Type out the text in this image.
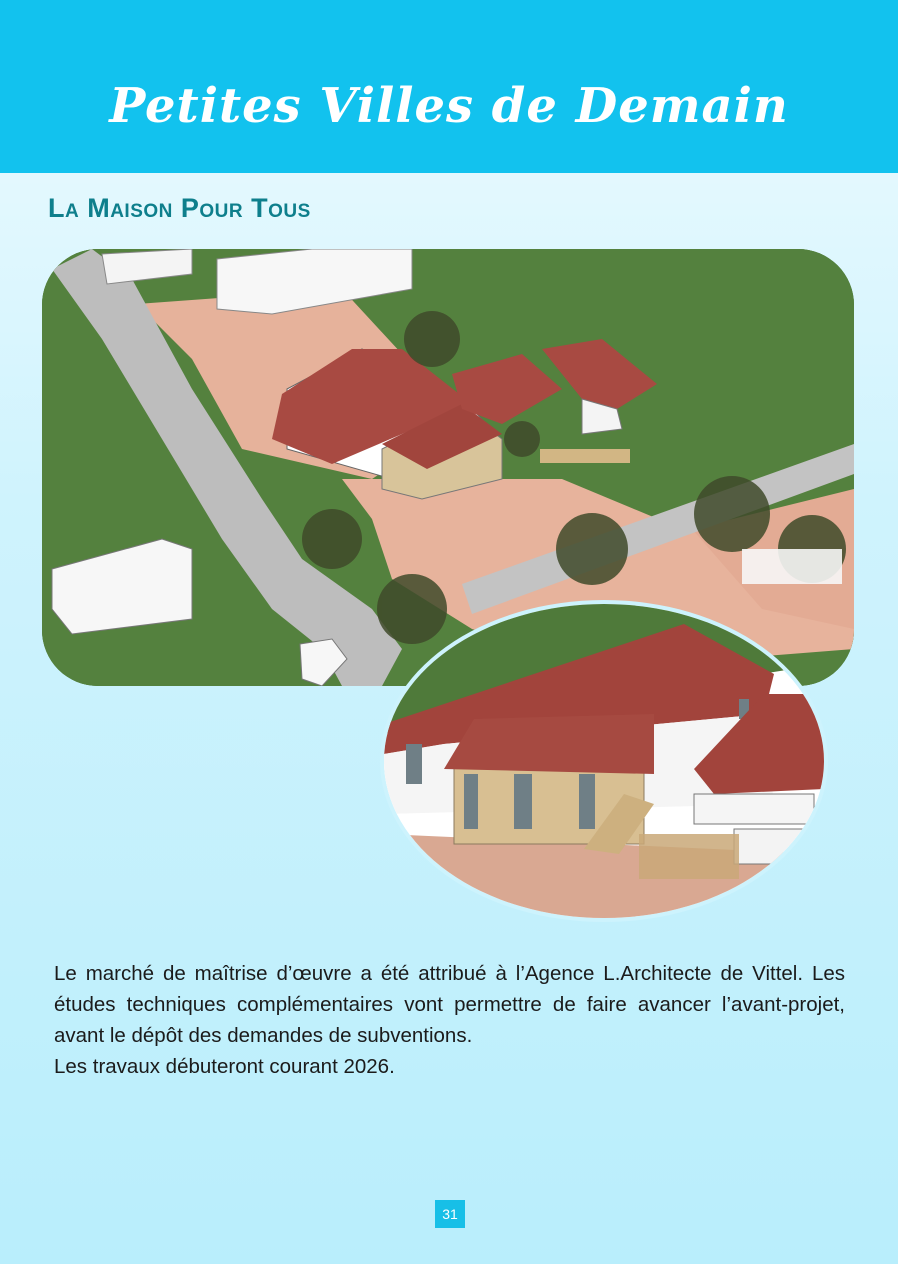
Petites Villes de Demain
La Maison Pour Tous

Le marché de maîtrise d’œuvre a été attribué à l’Agence L.Architecte de Vittel. Les études techniques complémentaires vont permettre de faire avancer l’avant-projet, avant le dépôt des demandes de subventions.

Les travaux débuteront courant 2026.

31
